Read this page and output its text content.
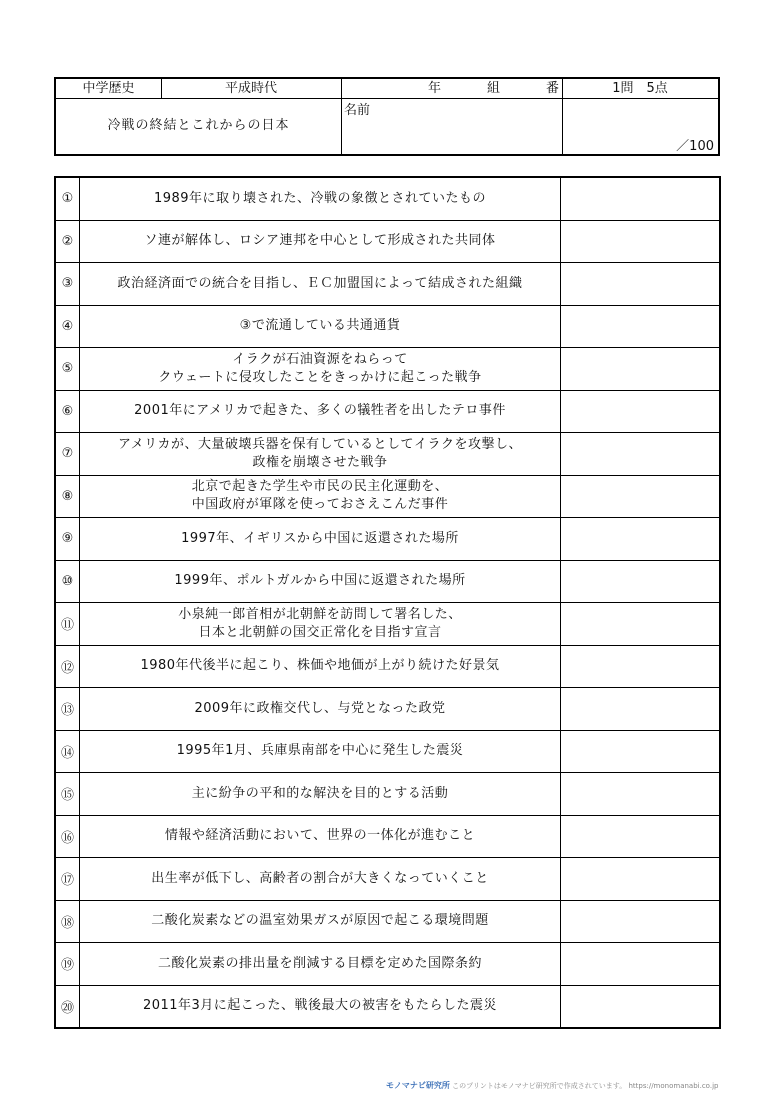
中学歴史	平成時代	年	組	番	1問　5点
冷戦の終結とこれからの日本
名前
／100
①	1989年に取り壊された、冷戦の象徴とされていたもの	

②	ソ連が解体し、ロシア連邦を中心として形成された共同体	

③	政治経済面での統合を目指し、ＥＣ加盟国によって結成された組織	

④	③で流通している共通通貨	

⑤	イラクが石油資源をねらって
クウェートに侵攻したことをきっかけに起こった戦争	

⑥	2001年にアメリカで起きた、多くの犠牲者を出したテロ事件	

⑦	アメリカが、大量破壊兵器を保有しているとしてイラクを攻撃し、
政権を崩壊させた戦争	

⑧	北京で起きた学生や市民の民主化運動を、
中国政府が軍隊を使っておさえこんだ事件	

⑨	1997年、イギリスから中国に返還された場所	

⑩	1999年、ポルトガルから中国に返還された場所	

⑪	小泉純一郎首相が北朝鮮を訪問して署名した、
日本と北朝鮮の国交正常化を目指す宣言	

⑫	1980年代後半に起こり、株価や地価が上がり続けた好景気	

⑬	2009年に政権交代し、与党となった政党	

⑭	1995年1月、兵庫県南部を中心に発生した震災	

⑮	主に紛争の平和的な解決を目的とする活動	

⑯	情報や経済活動において、世界の一体化が進むこと	

⑰	出生率が低下し、高齢者の割合が大きくなっていくこと	

⑱	二酸化炭素などの温室効果ガスが原因で起こる環境問題	

⑲	二酸化炭素の排出量を削減する目標を定めた国際条約	

⑳	2011年3月に起こった、戦後最大の被害をもたらした震災	

モノマナビ研究所 このプリントはモノマナビ研究所で作成されています。 https://monomanabi.co.jp
